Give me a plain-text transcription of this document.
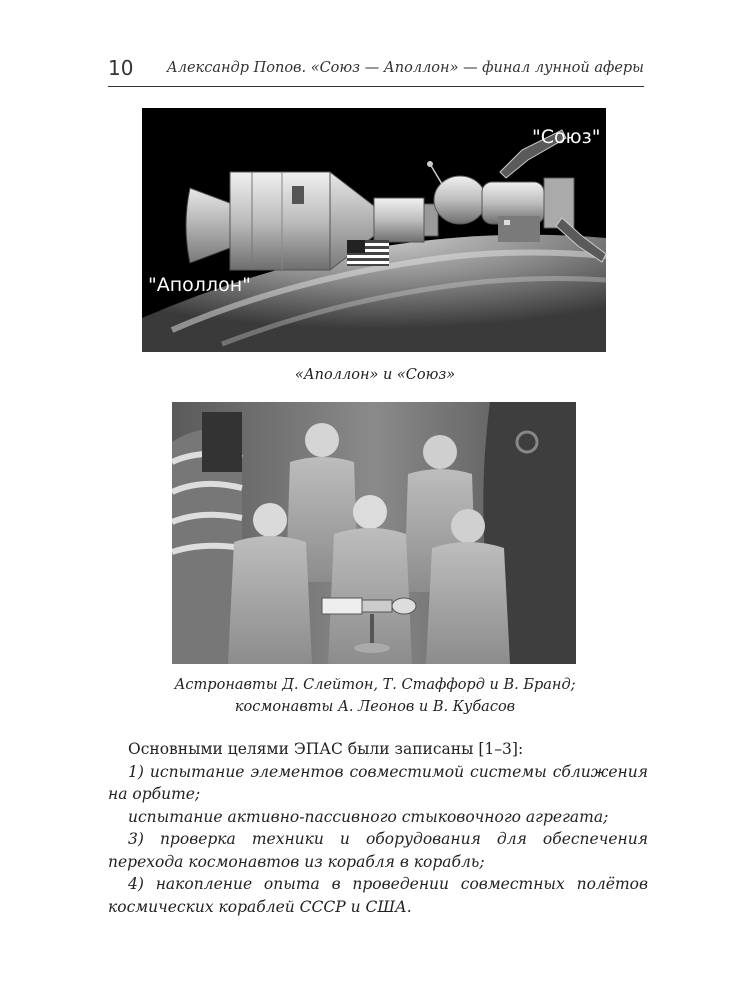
10 Александр Попов. «Союз — Аполлон» — финал лунной аферы
"Союз"
"Аполлон"
«Аполлон» и «Союз»
Астронавты Д. Слейтон, Т. Стаффорд и В. Бранд;
космонавты А. Леонов и В. Кубасов

Основными целями ЭПАС были записаны [1–3]:

1) испытание элементов совместимой системы сближения на орбите;

испытание активно-пассивного стыковочного агрегата;

3) проверка техники и оборудования для обеспечения перехода космонавтов из корабля в корабль;

4) накопление опыта в проведении совместных полётов космических кораблей СССР и США.
